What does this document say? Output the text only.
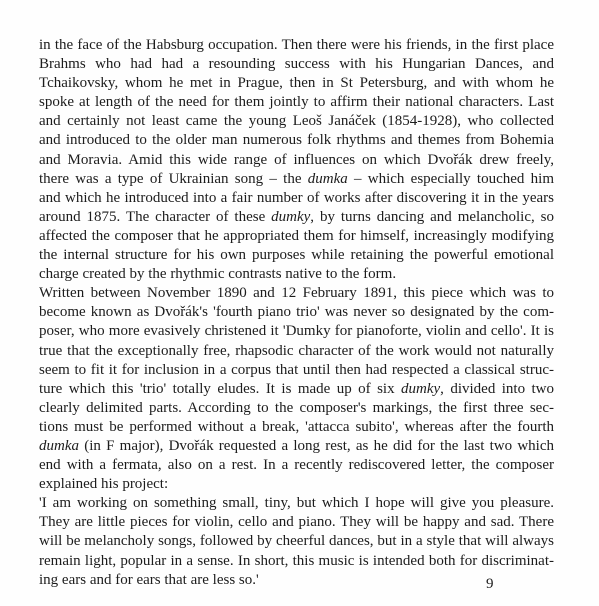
in the face of the Habsburg occupation. Then there were his friends, in the first place
Brahms who had had a resounding success with his Hungarian Dances, and
Tchaikovsky, whom he met in Prague, then in St Petersburg, and with whom he
spoke at length of the need for them jointly to affirm their national characters. Last
and certainly not least came the young Leoš Janáček (1854-1928), who collected
and introduced to the older man numerous folk rhythms and themes from Bohemia
and Moravia. Amid this wide range of influences on which Dvořák drew freely,
there was a type of Ukrainian song – the dumka – which especially touched him
and which he introduced into a fair number of works after discovering it in the years
around 1875. The character of these dumky, by turns dancing and melancholic, so
affected the composer that he appropriated them for himself, increasingly modifying
the internal structure for his own purposes while retaining the powerful emotional
charge created by the rhythmic contrasts native to the form.
Written between November 1890 and 12 February 1891, this piece which was to
become known as Dvořák's 'fourth piano trio' was never so designated by the com-
poser, who more evasively christened it 'Dumky for pianoforte, violin and cello'. It is
true that the exceptionally free, rhapsodic character of the work would not naturally
seem to fit it for inclusion in a corpus that until then had respected a classical struc-
ture which this 'trio' totally eludes. It is made up of six dumky, divided into two
clearly delimited parts. According to the composer's markings, the first three sec-
tions must be performed without a break, 'attacca subito', whereas after the fourth
dumka (in F major), Dvořák requested a long rest, as he did for the last two which
end with a fermata, also on a rest. In a recently rediscovered letter, the composer
explained his project:
'I am working on something small, tiny, but which I hope will give you pleasure.
They are little pieces for violin, cello and piano. They will be happy and sad. There
will be melancholy songs, followed by cheerful dances, but in a style that will always
remain light, popular in a sense. In short, this music is intended both for discriminat-
ing ears and for ears that are less so.'	9
